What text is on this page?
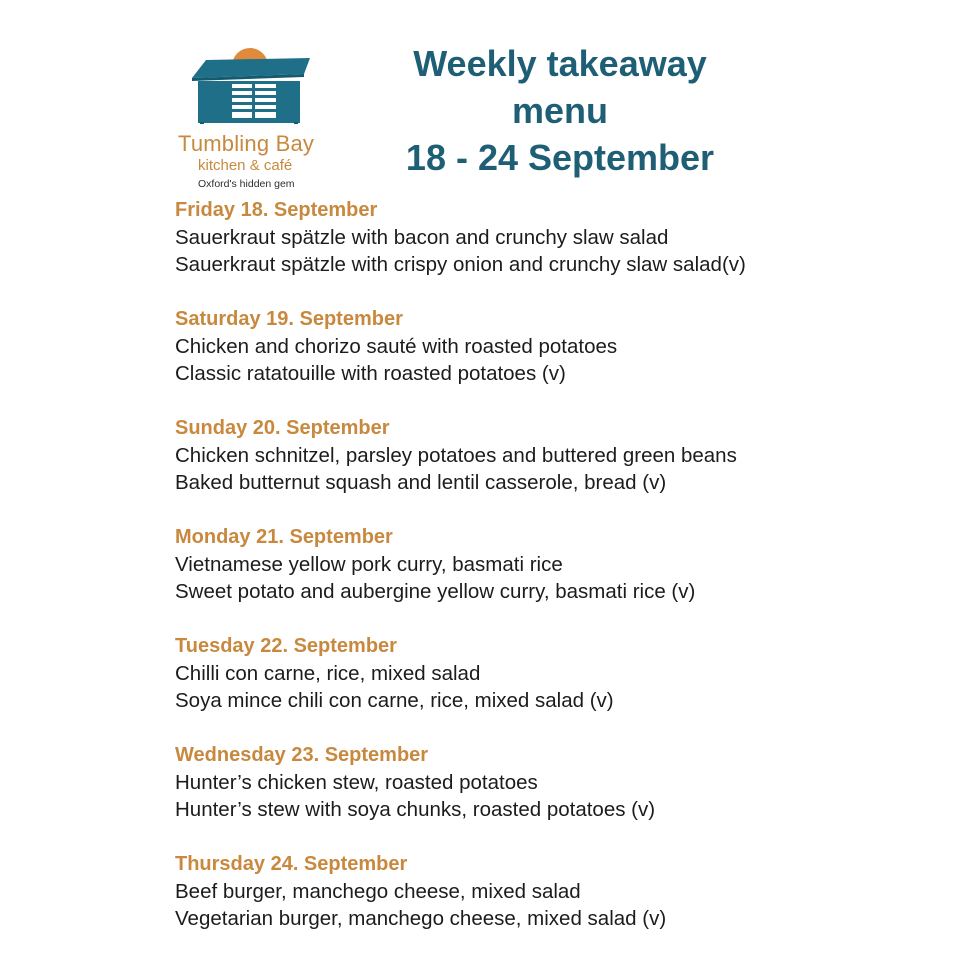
Tumbling Bay
kitchen & café
Oxford's hidden gem
Weekly takeaway
menu
18 - 24 September
Friday 18. September
Sauerkraut spätzle with bacon and crunchy slaw salad
Sauerkraut spätzle with crispy onion and crunchy slaw salad(v)
Saturday 19. September
Chicken and chorizo sauté with roasted potatoes
Classic ratatouille with roasted potatoes (v)
Sunday 20. September
Chicken schnitzel, parsley potatoes and buttered green beans
Baked butternut squash and lentil casserole, bread (v)
Monday 21. September
Vietnamese yellow pork curry, basmati rice
Sweet potato and aubergine yellow curry, basmati rice (v)
Tuesday 22. September
Chilli con carne, rice, mixed salad
Soya mince chili con carne, rice, mixed salad (v)
Wednesday 23. September
Hunter’s chicken stew, roasted potatoes
Hunter’s stew with soya chunks, roasted potatoes (v)
Thursday 24. September
Beef burger, manchego cheese, mixed salad
Vegetarian burger, manchego cheese, mixed salad (v)
